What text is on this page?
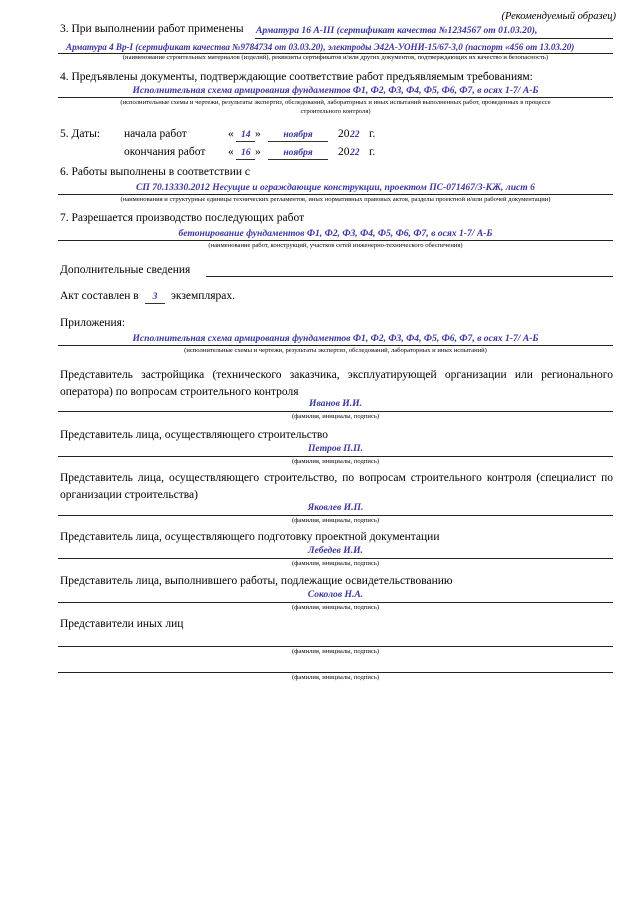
(Рекомендуемый образец)
3. При выполнении работ применены Арматура 16 А-III (сертификат качества №1234567 от 01.03.20),
Арматура 4 Вр-I (сертификат качества №9784734 от 03.03.20), электроды Э42А-УОНИ-15/67-3,0 (паспорт «456 от 13.03.20)
(наименование строительных материалов (изделий), реквизиты сертификатов и/или других документов, подтверждающих их качество и безопасность)
4. Предъявлены документы, подтверждающие соответствие работ предъявляемым требованиям:
Исполнительная схема армирования фундаментов Ф1, Ф2, Ф3, Ф4, Ф5, Ф6, Ф7, в осях 1-7/ А-Б
(исполнительные схемы и чертежи, результаты экспертиз, обследований, лабораторных и иных испытаний выполненных работ, проведенных в процессе
строительного контроля)
5. Даты: начала работ	« 14 »	ноября	20 22 г.
окончания работ « 16 »	ноября	20 22 г.
6. Работы выполнены в соответствии с
СП 70.13330.2012 Несущие и ограждающие конструкции, проектом ПС-071467/3-КЖ, лист 6
(наименования и структурные единицы технических регламентов, иных нормативных правовых актов, разделы проектной и/или рабочей документации)
7. Разрешается производство последующих работ
бетонирование фундаментов Ф1, Ф2, Ф3, Ф4, Ф5, Ф6, Ф7, в осях 1-7/ А-Б
(наименование работ, конструкций, участков сетей инженерно-технического обеспечения)
Дополнительные сведения
Акт составлен в	3	экземплярах.
Приложения:
Исполнительная схема армирования фундаментов Ф1, Ф2, Ф3, Ф4, Ф5, Ф6, Ф7, в осях 1-7/ А-Б
(исполнительные схемы и чертежи, результаты экспертиз, обследований, лабораторных и иных испытаний)
Представитель застройщика (технического заказчика, эксплуатирующей организации или регионального оператора) по вопросам строительного контроля
Иванов И.И.
(фамилия, инициалы, подпись)
Представитель лица, осуществляющего строительство
Петров П.П.
(фамилия, инициалы, подпись)
Представитель лица, осуществляющего строительство, по вопросам строительного контроля (специалист по организации строительства)
Яковлев И.П.
(фамилия, инициалы, подпись)
Представитель лица, осуществляющего подготовку проектной документации
Лебедев И.И.
(фамилия, инициалы, подпись)
Представитель лица, выполнившего работы, подлежащие освидетельствованию
Соколов Н.А.
(фамилия, инициалы, подпись)
Представители иных лиц
(фамилия, инициалы, подпись)
(фамилия, инициалы, подпись)
